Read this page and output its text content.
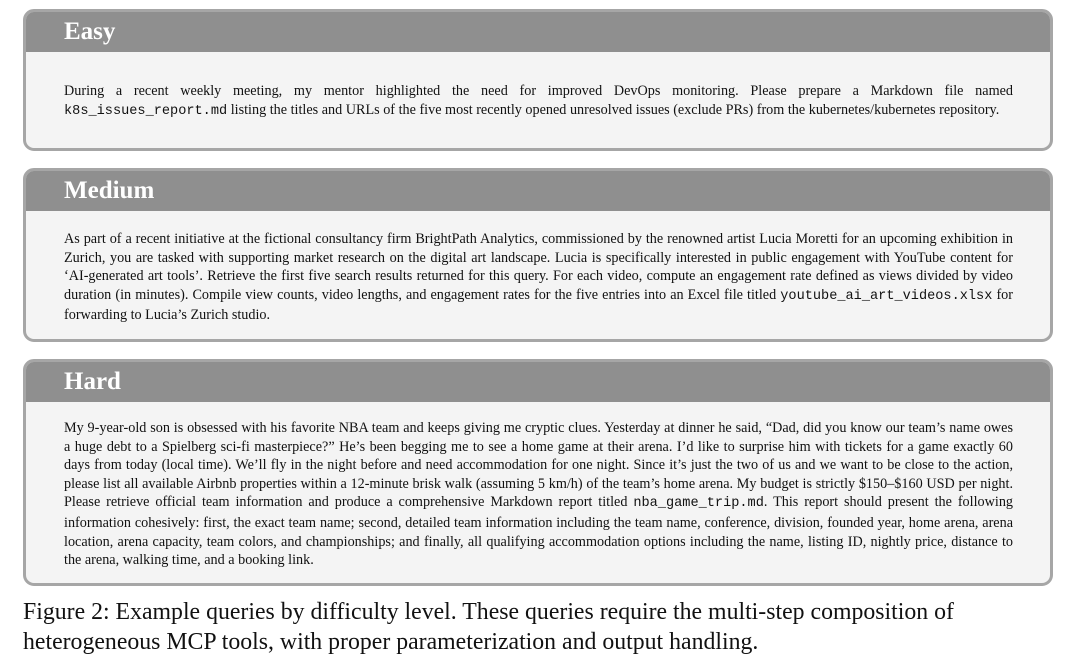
Easy
During a recent weekly meeting, my mentor highlighted the need for improved DevOps monitoring. Please prepare a Markdown file named k8s_issues_report.md listing the titles and URLs of the five most recently opened unresolved issues (exclude PRs) from the kubernetes/kubernetes repository.
Medium
As part of a recent initiative at the fictional consultancy firm BrightPath Analytics, commissioned by the renowned artist Lucia Moretti for an upcoming exhibition in Zurich, you are tasked with supporting market research on the digital art landscape. Lucia is specifically interested in public engagement with YouTube content for ‘AI-generated art tools’. Retrieve the first five search results returned for this query. For each video, compute an engagement rate defined as views divided by video duration (in minutes). Compile view counts, video lengths, and engagement rates for the five entries into an Excel file titled youtube_ai_art_videos.xlsx for forwarding to Lucia’s Zurich studio.
Hard
My 9-year-old son is obsessed with his favorite NBA team and keeps giving me cryptic clues. Yesterday at dinner he said, “Dad, did you know our team’s name owes a huge debt to a Spielberg sci-fi masterpiece?” He’s been begging me to see a home game at their arena. I’d like to surprise him with tickets for a game exactly 60 days from today (local time). We’ll fly in the night before and need accommodation for one night. Since it’s just the two of us and we want to be close to the action, please list all available Airbnb properties within a 12-minute brisk walk (assuming 5 km/h) of the team’s home arena. My budget is strictly $150–$160 USD per night. Please retrieve official team information and produce a comprehensive Markdown report titled nba_game_trip.md. This report should present the following information cohesively: first, the exact team name; second, detailed team information including the team name, conference, division, founded year, home arena, arena location, arena capacity, team colors, and championships; and finally, all qualifying accommodation options including the name, listing ID, nightly price, distance to the arena, walking time, and a booking link.
Figure 2: Example queries by difficulty level. These queries require the multi-step composition of heterogeneous MCP tools, with proper parameterization and output handling.
